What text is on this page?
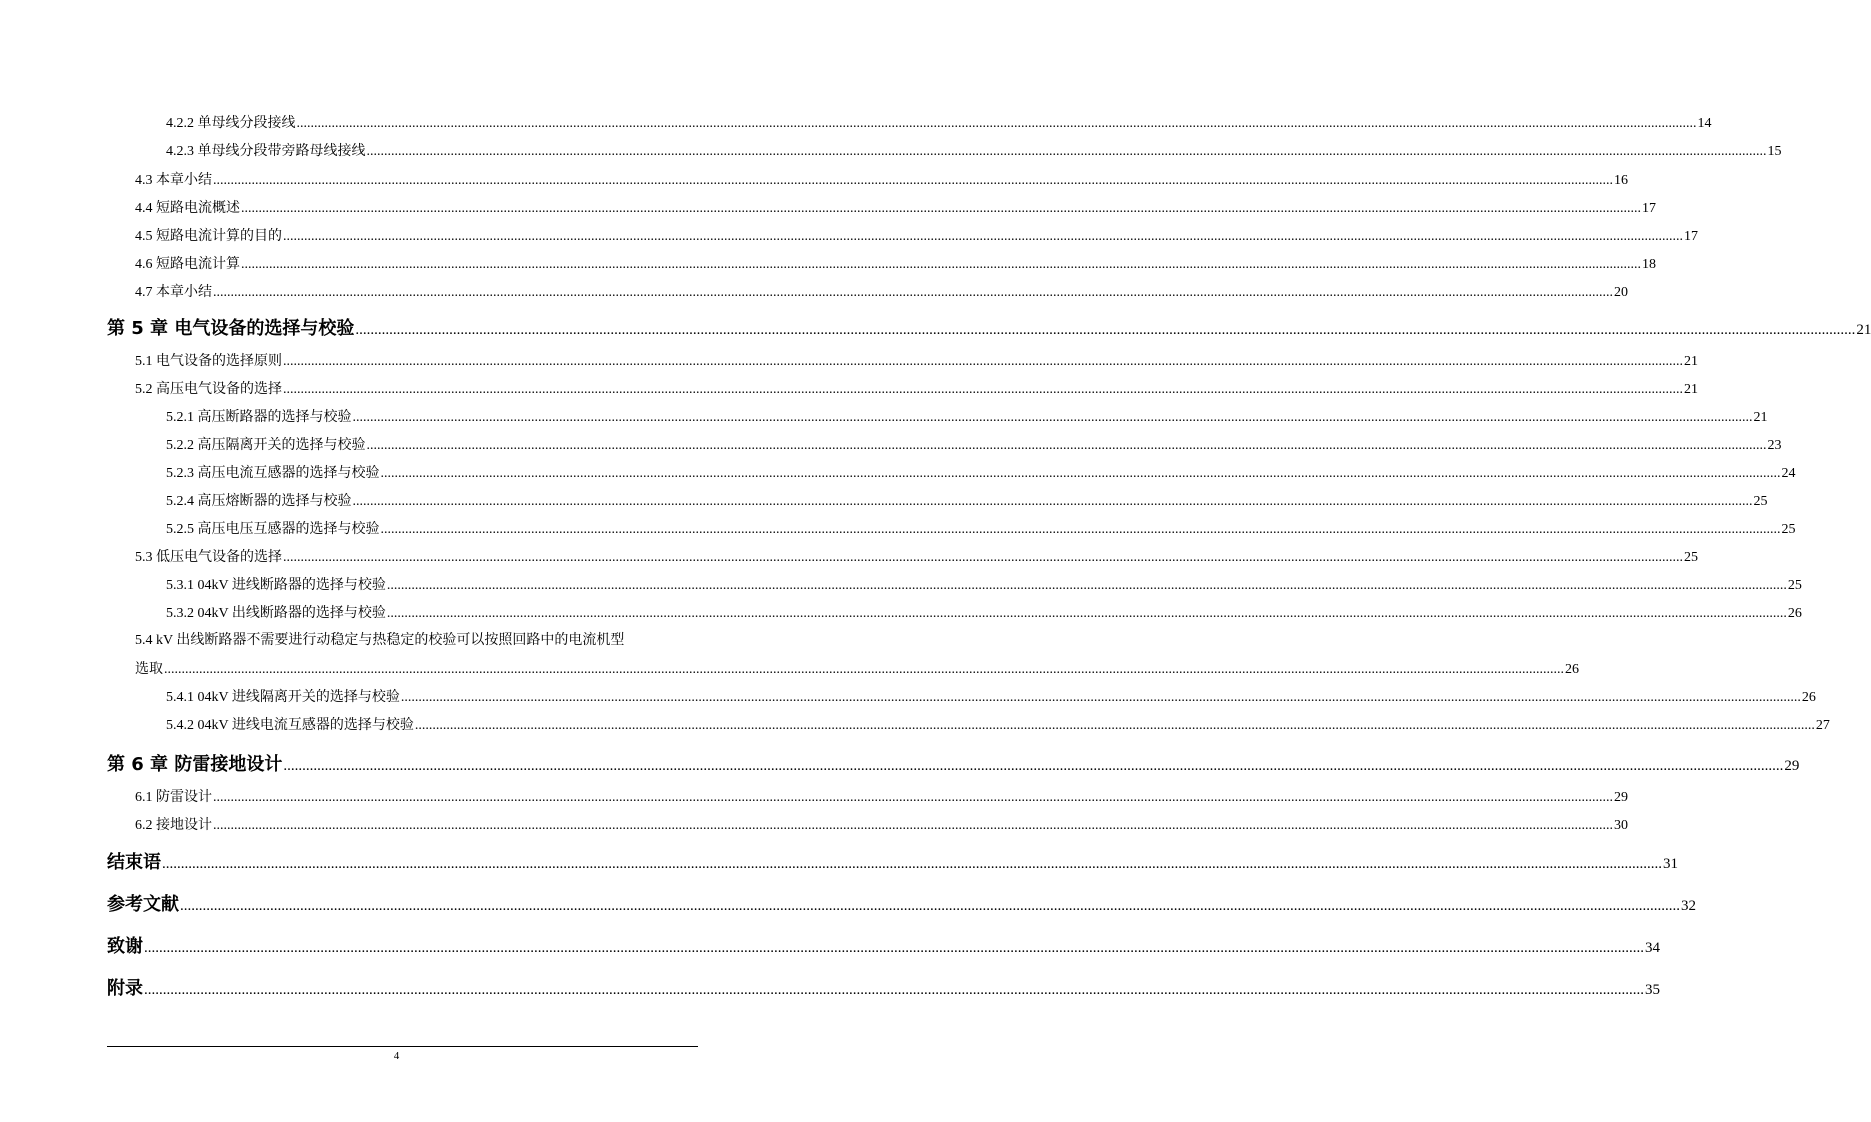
4.2.2 单母线分段接线 ................................................................................................................................................................................................................................................................................................................................................................................................................ 14
4.2.3 单母线分段带旁路母线接线 ................................................................................................................................................................................................................................................................................................................................................................................................................ 15
4.3 本章小结 ................................................................................................................................................................................................................................................................................................................................................................................................................ 16
4.4 短路电流概述 ................................................................................................................................................................................................................................................................................................................................................................................................................ 17
4.5 短路电流计算的目的 ................................................................................................................................................................................................................................................................................................................................................................................................................ 17
4.6 短路电流计算 ................................................................................................................................................................................................................................................................................................................................................................................................................ 18
4.7 本章小结 ................................................................................................................................................................................................................................................................................................................................................................................................................ 20
第 5 章 电气设备的选择与校验 ................................................................................................................................................................................................................................................................................................................................................................................................................ 21
5.1 电气设备的选择原则 ................................................................................................................................................................................................................................................................................................................................................................................................................ 21
5.2 高压电气设备的选择 ................................................................................................................................................................................................................................................................................................................................................................................................................ 21
5.2.1 高压断路器的选择与校验 ................................................................................................................................................................................................................................................................................................................................................................................................................ 21
5.2.2 高压隔离开关的选择与校验 ................................................................................................................................................................................................................................................................................................................................................................................................................ 23
5.2.3 高压电流互感器的选择与校验 ................................................................................................................................................................................................................................................................................................................................................................................................................ 24
5.2.4 高压熔断器的选择与校验 ................................................................................................................................................................................................................................................................................................................................................................................................................ 25
5.2.5 高压电压互感器的选择与校验 ................................................................................................................................................................................................................................................................................................................................................................................................................ 25
5.3 低压电气设备的选择 ................................................................................................................................................................................................................................................................................................................................................................................................................ 25
5.3.1 04kV 进线断路器的选择与校验 ................................................................................................................................................................................................................................................................................................................................................................................................................ 25
5.3.2 04kV 出线断路器的选择与校验 ................................................................................................................................................................................................................................................................................................................................................................................................................ 26
5.4 kV 出线断路器不需要进行动稳定与热稳定的校验可以按照回路中的电流机型
选取 ................................................................................................................................................................................................................................................................................................................................................................................................................ 26
5.4.1 04kV 进线隔离开关的选择与校验 ................................................................................................................................................................................................................................................................................................................................................................................................................ 26
5.4.2 04kV 进线电流互感器的选择与校验 ................................................................................................................................................................................................................................................................................................................................................................................................................ 27
第 6 章 防雷接地设计 ................................................................................................................................................................................................................................................................................................................................................................................................................ 29
6.1 防雷设计 ................................................................................................................................................................................................................................................................................................................................................................................................................ 29
6.2 接地设计 ................................................................................................................................................................................................................................................................................................................................................................................................................ 30
结束语 ................................................................................................................................................................................................................................................................................................................................................................................................................ 31
参考文献 ................................................................................................................................................................................................................................................................................................................................................................................................................ 32
致谢 ................................................................................................................................................................................................................................................................................................................................................................................................................ 34
附录 ................................................................................................................................................................................................................................................................................................................................................................................................................ 35
4
